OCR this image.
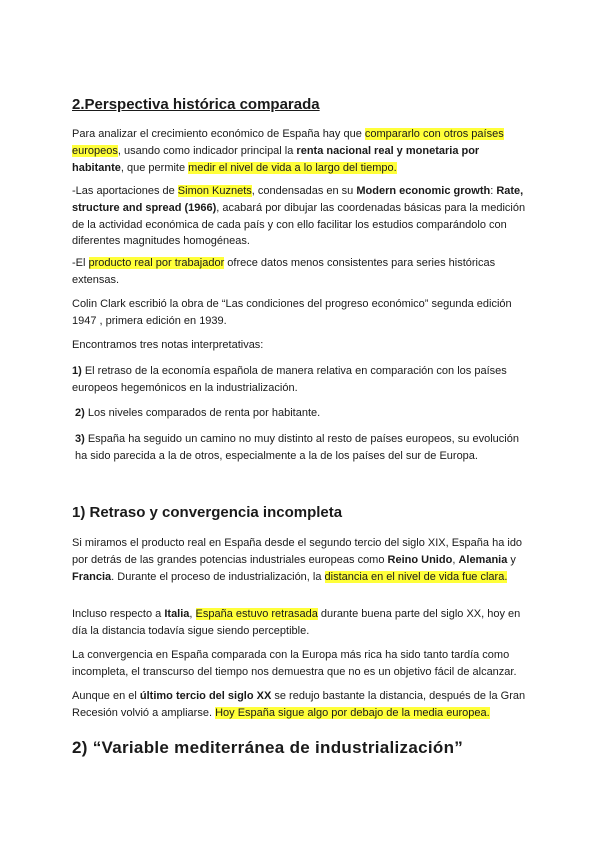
2.Perspectiva histórica comparada

Para analizar el crecimiento económico de España hay que compararlo con otros países europeos, usando como indicador principal la renta nacional real y monetaria por habitante, que permite medir el nivel de vida a lo largo del tiempo.

-Las aportaciones de Simon Kuznets, condensadas en su Modern economic growth: Rate, structure and spread (1966), acabará por dibujar las coordenadas básicas para la medición de la actividad económica de cada país y con ello facilitar los estudios comparándolo con diferentes magnitudes homogéneas.

-El producto real por trabajador ofrece datos menos consistentes para series históricas extensas.

Colin Clark escribió la obra de “Las condiciones del progreso económico” segunda edición 1947 , primera edición en 1939.

Encontramos tres notas interpretativas:

1) El retraso de la economía española de manera relativa en comparación con los países europeos hegemónicos en la industrialización.

2) Los niveles comparados de renta por habitante.

3) España ha seguido un camino no muy distinto al resto de países europeos, su evolución ha sido parecida a la de otros, especialmente a la de los países del sur de Europa.

1) Retraso y convergencia incompleta

Si miramos el producto real en España desde el segundo tercio del siglo XIX, España ha ido por detrás de las grandes potencias industriales europeas como Reino Unido, Alemania y Francia. Durante el proceso de industrialización, la distancia en el nivel de vida fue clara.

Incluso respecto a Italia, España estuvo retrasada durante buena parte del siglo XX, hoy en día la distancia todavía sigue siendo perceptible.

La convergencia en España comparada con la Europa más rica ha sido tanto tardía como incompleta, el transcurso del tiempo nos demuestra que no es un objetivo fácil de alcanzar.

Aunque en el último tercio del siglo XX se redujo bastante la distancia, después de la Gran Recesión volvió a ampliarse. Hoy España sigue algo por debajo de la media europea.

2) “Variable mediterránea de industrialización”
